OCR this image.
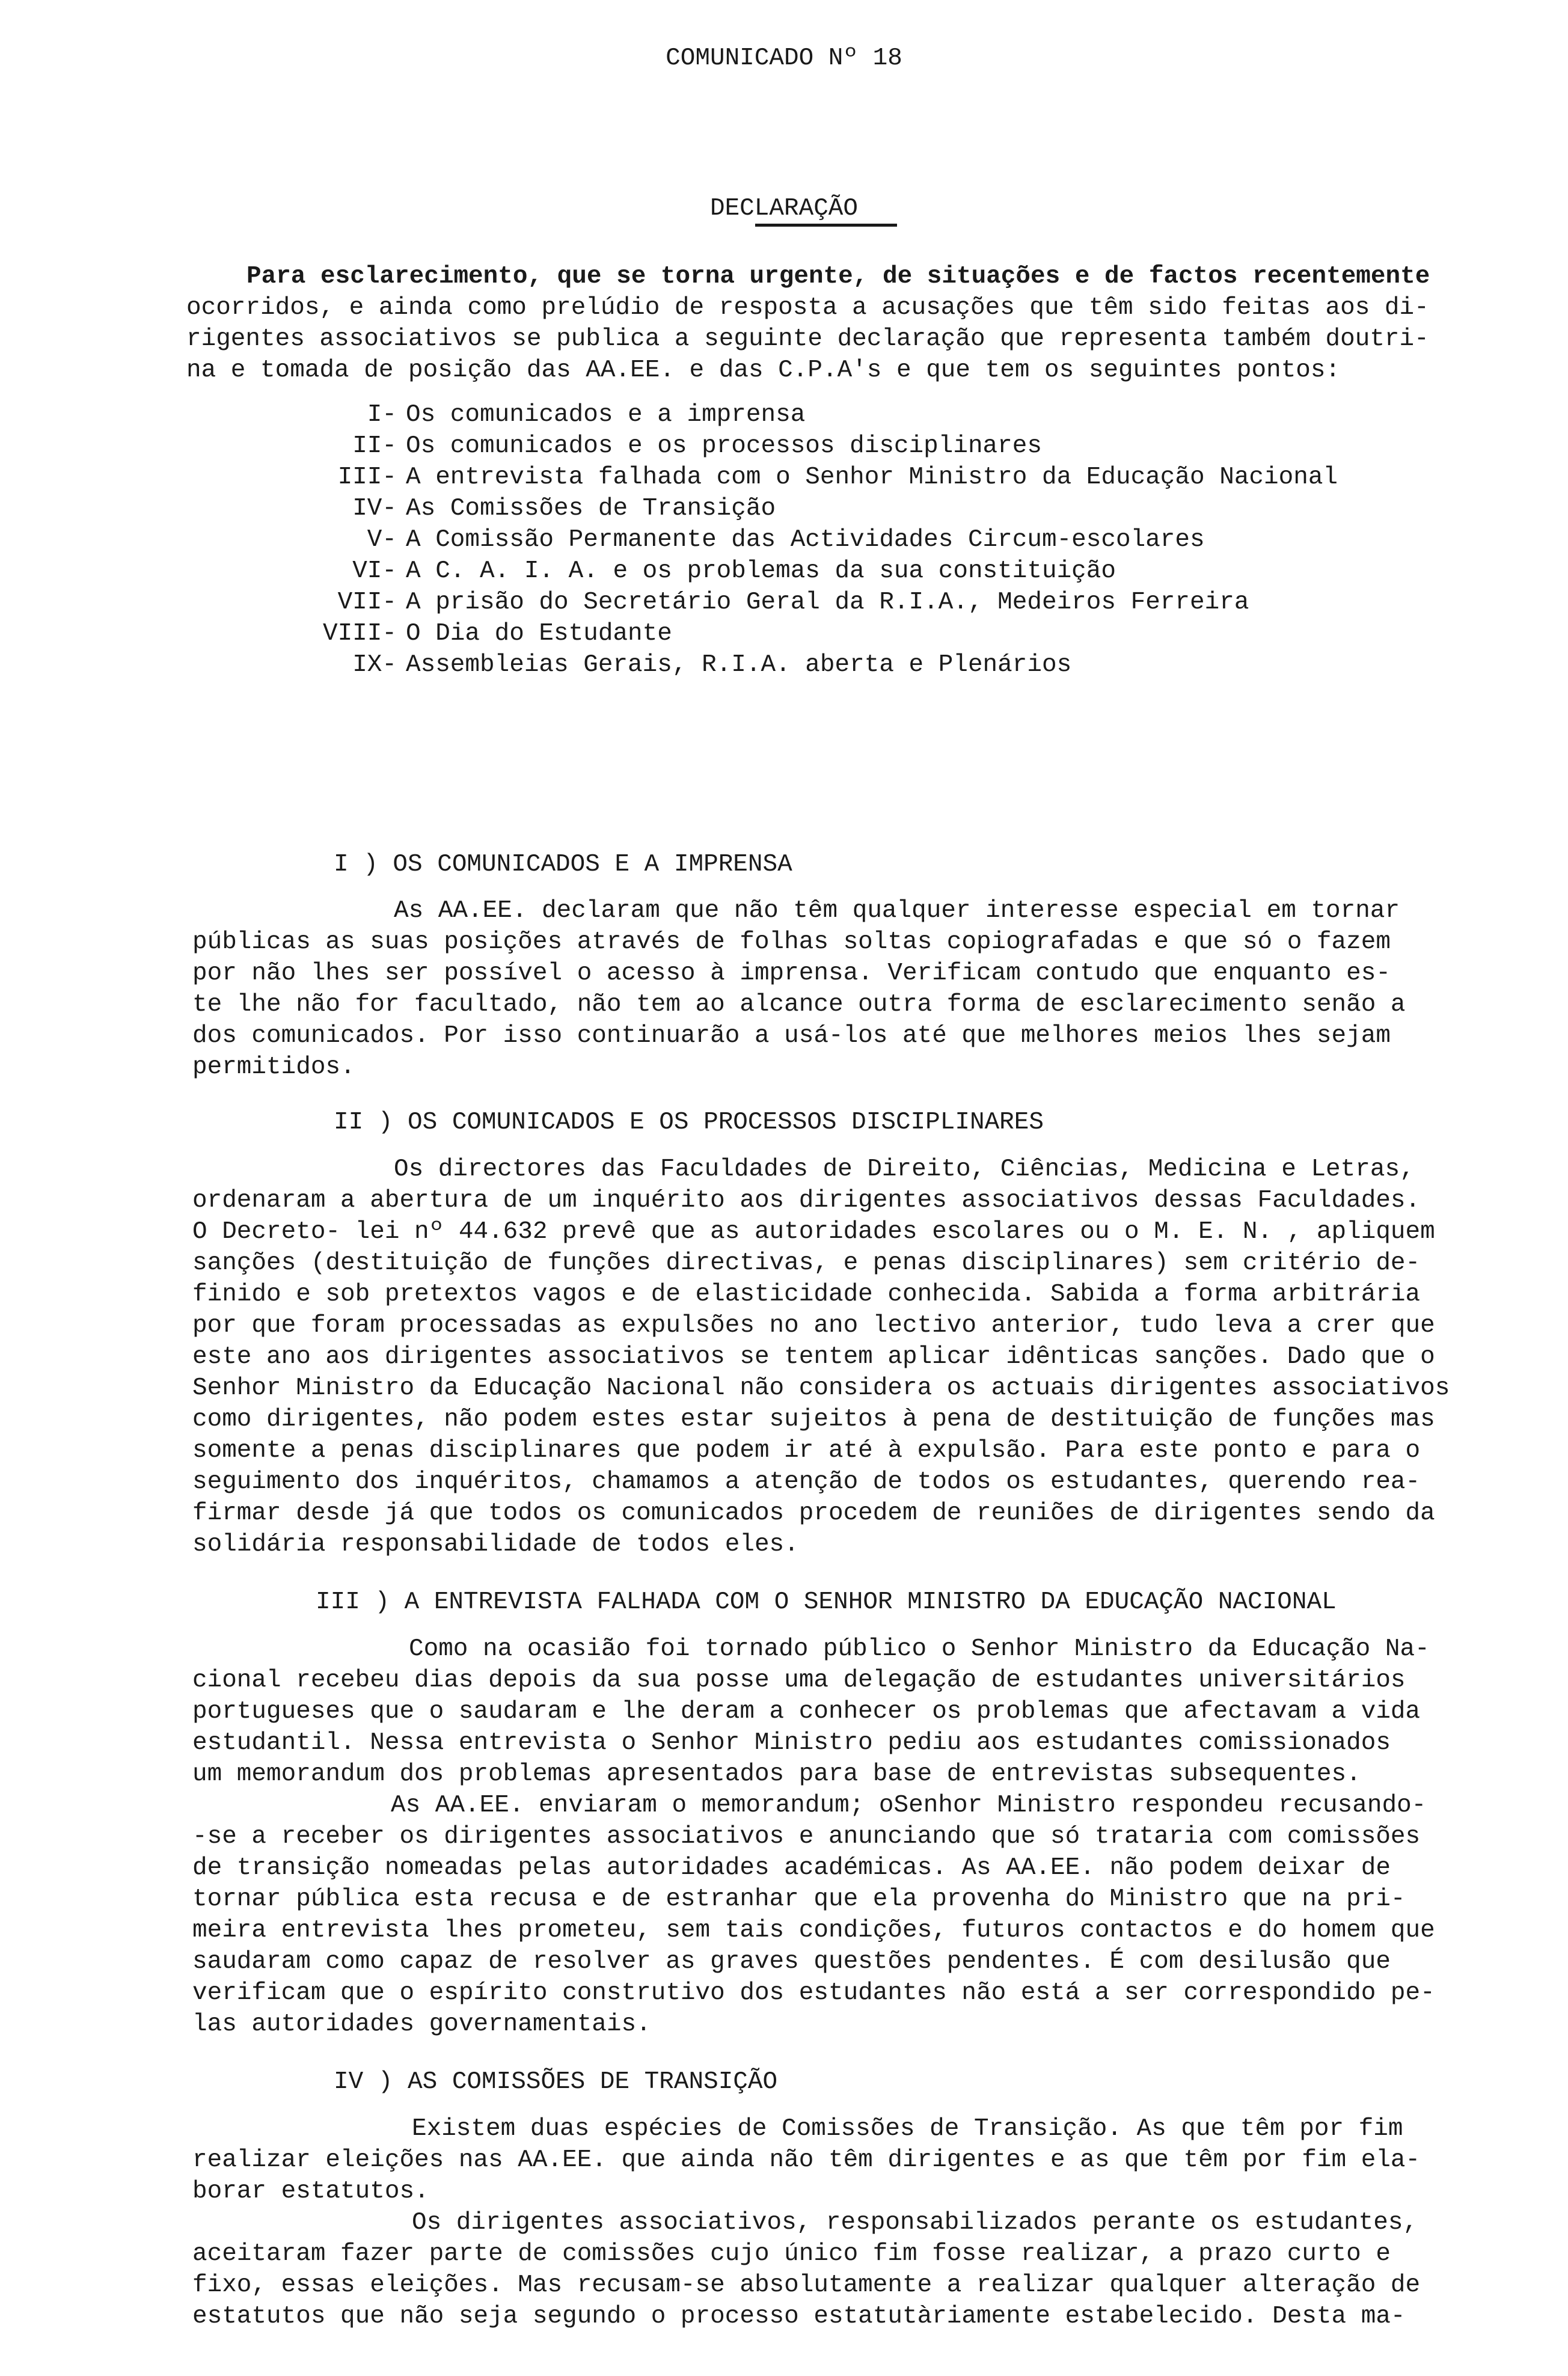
COMUNICADO Nº 18
DECLARAÇÃO
Para esclarecimento, que se torna urgente, de situações e de factos recentemente
ocorridos, e ainda como prelúdio de resposta a acusações que têm sido feitas aos di-
rigentes associativos se publica a seguinte declaração que representa também doutri-
na e tomada de posição das AA.EE. e das C.P.A's e que tem os seguintes pontos:
I- Os comunicados e a imprensa
II- Os comunicados e os processos disciplinares
III- A entrevista falhada com o Senhor Ministro da Educação Nacional
IV- As Comissões de Transição
V- A Comissão Permanente das Actividades Circum-escolares
VI- A C. A. I. A. e os problemas da sua constituição
VII- A prisão do Secretário Geral da R.I.A., Medeiros Ferreira
VIII- O Dia do Estudante
IX- Assembleias Gerais, R.I.A. aberta e Plenários
I ) OS COMUNICADOS E A IMPRENSA
As AA.EE. declaram que não têm qualquer interesse especial em tornar
públicas as suas posições através de folhas soltas copiografadas e que só o fazem
por não lhes ser possível o acesso à imprensa. Verificam contudo que enquanto es-
te lhe não for facultado, não tem ao alcance outra forma de esclarecimento senão a
dos comunicados. Por isso continuarão a usá-los até que melhores meios lhes sejam
permitidos.
II ) OS COMUNICADOS E OS PROCESSOS DISCIPLINARES
Os directores das Faculdades de Direito, Ciências, Medicina e Letras,
ordenaram a abertura de um inquérito aos dirigentes associativos dessas Faculdades.
O Decreto- lei nº 44.632 prevê que as autoridades escolares ou o M. E. N. , apliquem
sanções (destituição de funções directivas, e penas disciplinares) sem critério de-
finido e sob pretextos vagos e de elasticidade conhecida. Sabida a forma arbitrária
por que foram processadas as expulsões no ano lectivo anterior, tudo leva a crer que
este ano aos dirigentes associativos se tentem aplicar idênticas sanções. Dado que o
Senhor Ministro da Educação Nacional não considera os actuais dirigentes associativos
como dirigentes, não podem estes estar sujeitos à pena de destituição de funções mas
somente a penas disciplinares que podem ir até à expulsão. Para este ponto e para o
seguimento dos inquéritos, chamamos a atenção de todos os estudantes, querendo rea-
firmar desde já que todos os comunicados procedem de reuniões de dirigentes sendo da
solidária responsabilidade de todos eles.
III ) A ENTREVISTA FALHADA COM O SENHOR MINISTRO DA EDUCAÇÃO NACIONAL
Como na ocasião foi tornado público o Senhor Ministro da Educação Na-
cional recebeu dias depois da sua posse uma delegação de estudantes universitários
portugueses que o saudaram e lhe deram a conhecer os problemas que afectavam a vida
estudantil. Nessa entrevista o Senhor Ministro pediu aos estudantes comissionados
um memorandum dos problemas apresentados para base de entrevistas subsequentes.
As AA.EE. enviaram o memorandum; oSenhor Ministro respondeu recusando-
-se a receber os dirigentes associativos e anunciando que só trataria com comissões
de transição nomeadas pelas autoridades académicas. As AA.EE. não podem deixar de
tornar pública esta recusa e de estranhar que ela provenha do Ministro que na pri-
meira entrevista lhes prometeu, sem tais condições, futuros contactos e do homem que
saudaram como capaz de resolver as graves questões pendentes. É com desilusão que
verificam que o espírito construtivo dos estudantes não está a ser correspondido pe-
las autoridades governamentais.
IV ) AS COMISSÕES DE TRANSIÇÃO
Existem duas espécies de Comissões de Transição. As que têm por fim
realizar eleições nas AA.EE. que ainda não têm dirigentes e as que têm por fim ela-
borar estatutos.
Os dirigentes associativos, responsabilizados perante os estudantes,
aceitaram fazer parte de comissões cujo único fim fosse realizar, a prazo curto e
fixo, essas eleições. Mas recusam-se absolutamente a realizar qualquer alteração de
estatutos que não seja segundo o processo estatutàriamente estabelecido. Desta ma-
